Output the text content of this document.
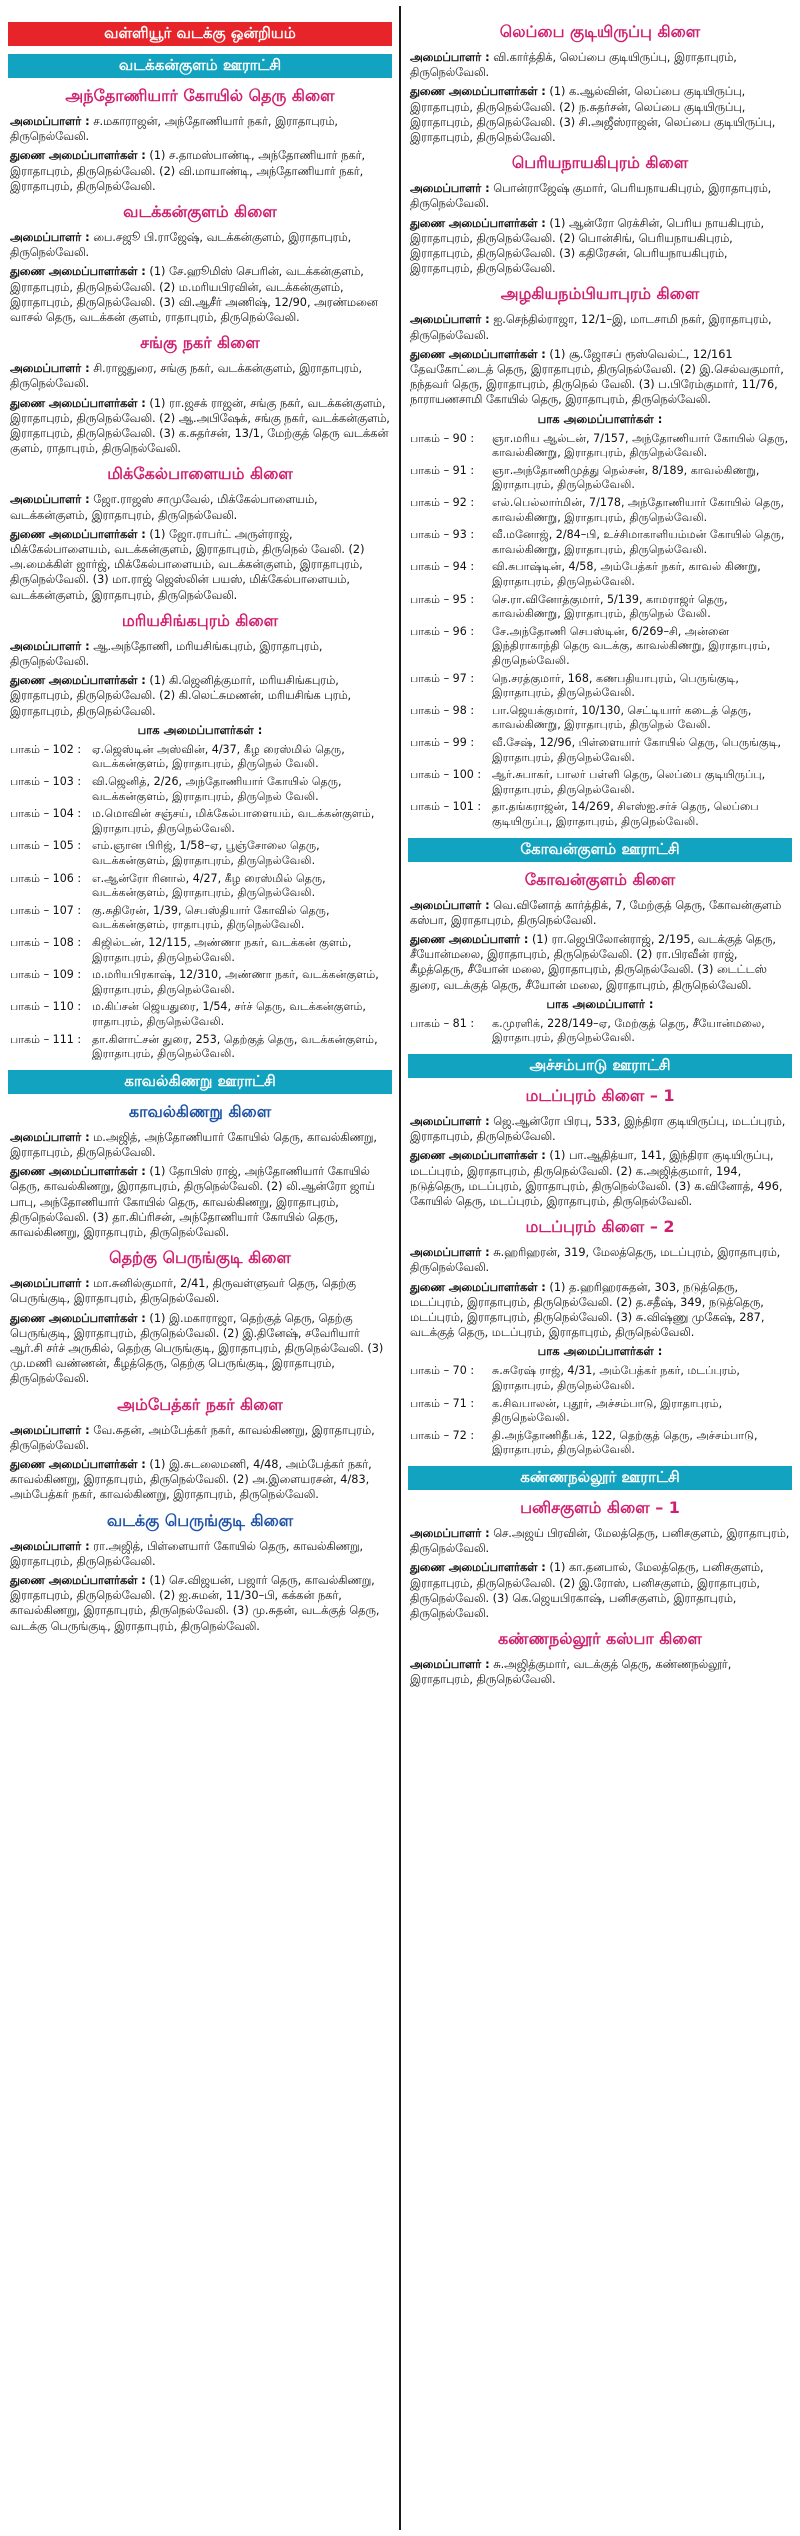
வள்ளியூர் வடக்கு ஒன்றியம்
வடக்கன்குளம் ஊராட்சி
அந்தோணியார் கோயில் தெரு கிளை

அமைப்பாளர் : ச.மகாராஜன், அந்தோணியார் நகர், இராதாபுரம், திருநெல்வேலி.

துணை அமைப்பாளர்கள் : (1) ச.தாமஸ்பாண்டி, அந்தோணியார் நகர், இராதாபுரம், திருநெல்வேலி. (2) வி.மாயாண்டி, அந்தோணியார் நகர், இராதாபுரம், திருநெல்வேலி.

வடக்கன்குளம் கிளை

அமைப்பாளர் : பை.சஜூ பி.ராஜேஷ், வடக்கன்குளம், இராதாபுரம், திருநெல்வேலி.

துணை அமைப்பாளர்கள் : (1) சே.ஹூமிஸ் செபரின், வடக்கன்குளம், இராதாபுரம், திருநெல்வேலி. (2) ம.மரியபிரவின், வடக்கன்குளம், இராதாபுரம், திருநெல்வேலி. (3) வி.ஆசீர் அணிஷ், 12/90, அரண்மனை வாசல் தெரு, வடக்கன் குளம், ராதாபுரம், திருநெல்வேலி.

சங்கு நகர் கிளை

அமைப்பாளர் : சி.ராஜதுரை, சங்கு நகர், வடக்கன்குளம், இராதாபுரம், திருநெல்வேலி.

துணை அமைப்பாளர்கள் : (1) ரா.ஜசக் ராஜன், சங்கு நகர், வடக்கன்குளம், இராதாபுரம், திருநெல்வேலி. (2) ஆ.அபிஷேக், சங்கு நகர், வடக்கன்குளம், இராதாபுரம், திருநெல்வேலி. (3) க.சுதர்சன், 13/1, மேற்குத் தெரு வடக்கன் குளம், ராதாபுரம், திருநெல்வேலி.

மிக்கேல்பாளையம் கிளை

அமைப்பாளர் : ஜோ.ராஜஸ் சாமுவேல், மிக்கேல்பாளையம், வடக்கன்குளம், இராதாபுரம், திருநெல்வேலி.

துணை அமைப்பாளர்கள் : (1) ஜோ.ராபர்ட் அருள்ராஜ், மிக்கேல்பாளையம், வடக்கன்குளம், இராதாபுரம், திருநெல் வேலி. (2) அ.மைக்கிள் ஜார்ஜ், மிக்கேல்பாளையம், வடக்கன்குளம், இராதாபுரம், திருநெல்வேலி. (3) மா.ராஜ் ஜெஸ்லின் பயஸ், மிக்கேல்பாளையம், வடக்கன்குளம், இராதாபுரம், திருநெல்வேலி.

மரியசிங்கபுரம் கிளை

அமைப்பாளர் : ஆ.அந்தோணி, மரியசிங்கபுரம், இராதாபுரம், திருநெல்வேலி.

துணை அமைப்பாளர்கள் : (1) கி.ஜெனித்குமார், மரியசிங்கபுரம், இராதாபுரம், திருநெல்வேலி. (2) கி.லெட்சுமணன், மரியசிங்க புரம், இராதாபுரம், திருநெல்வேலி.

பாக அமைப்பாளர்கள் :
பாகம் – 102 : ஏ.ஜெஸ்டின் அஸ்வின், 4/37, கீழ ரைஸ்மில் தெரு, வடக்கன்குளம், இராதாபுரம், திருநெல் வேலி.
பாகம் – 103 : வி.ஜெனித், 2/26, அந்தோணியார் கோயில் தெரு, வடக்கன்குளம், இராதாபுரம், திருநெல் வேலி.
பாகம் – 104 : ம.மொவின் சஞ்சய், மிக்கேல்பாளையம், வடக்கன்குளம், இராதாபுரம், திருநெல்வேலி.
பாகம் – 105 : எம்.ஞான பிரிஜ், 1/58–ஏ, பூஞ்சோலை தெரு, வடக்கன்குளம், இராதாபுரம், திருநெல்வேலி.
பாகம் – 106 : எ.ஆன்ரோ ரினால், 4/27, கீழ ரைஸ்மில் தெரு, வடக்கன்குளம், இராதாபுரம், திருநெல்வேலி.
பாகம் – 107 : கு.சுதிரேன், 1/39, செபஸ்தியார் கோவில் தெரு, வடக்கன்குளம், ராதாபுரம், திருநெல்வேலி.
பாகம் – 108 : கிஜில்டன், 12/115, அண்ணா நகர், வடக்கன் குளம், இராதாபுரம், திருநெல்வேலி.
பாகம் – 109 : ம.மரியபிரகாஷ், 12/310, அண்ணா நகர், வடக்கன்குளம், இராதாபுரம், திருநெல்வேலி.
பாகம் – 110 : ம.கிப்சன் ஜெயதுரை, 1/54, சர்ச் தெரு, வடக்கன்குளம், ராதாபுரம், திருநெல்வேலி.
பாகம் – 111 : தா.கிளாட்சன் துரை, 253, தெற்குத் தெரு, வடக்கன்குளம், இராதாபுரம், திருநெல்வேலி.
காவல்கிணறு ஊராட்சி
காவல்கிணறு கிளை

அமைப்பாளர் : ம.அஜித், அந்தோணியார் கோயில் தெரு, காவல்கிணறு, இராதாபுரம், திருநெல்வேலி.

துணை அமைப்பாளர்கள் : (1) தோபிஸ் ராஜ், அந்தோணியார் கோயில் தெரு, காவல்கிணறு, இராதாபுரம், திருநெல்வேலி. (2) லி.ஆன்ரோ ஜாய் பாபு, அந்தோணியார் கோயில் தெரு, காவல்கிணறு, இராதாபுரம், திருநெல்வேலி. (3) தா.கிப்ரிசன், அந்தோணியார் கோயில் தெரு, காவல்கிணறு, இராதாபுரம், திருநெல்வேலி.

தெற்கு பெருங்குடி கிளை

அமைப்பாளர் : மா.சுனில்குமார், 2/41, திருவள்ளுவர் தெரு, தெற்கு பெருங்குடி, இராதாபுரம், திருநெல்வேலி.

துணை அமைப்பாளர்கள் : (1) இ.மகாராஜா, தெற்குத் தெரு, தெற்கு பெருங்குடி, இராதாபுரம், திருநெல்வேலி. (2) இ.தினேஷ், சவேரியார் ஆர்.சி சர்ச் அருகில், தெற்கு பெருங்குடி, இராதாபுரம், திருநெல்வேலி. (3) மு.மணி வண்ணன், கீழத்தெரு, தெற்கு பெருங்குடி, இராதாபுரம், திருநெல்வேலி.

அம்பேத்கர் நகர் கிளை

அமைப்பாளர் : வே.சுதன், அம்பேத்கர் நகர், காவல்கிணறு, இராதாபுரம், திருநெல்வேலி.

துணை அமைப்பாளர்கள் : (1) இ.சுடலைமணி, 4/48, அம்பேத்கர் நகர், காவல்கிணறு, இராதாபுரம், திருநெல்வேலி. (2) அ.இளையரசன், 4/83, அம்பேத்கர் நகர், காவல்கிணறு, இராதாபுரம், திருநெல்வேலி.

வடக்கு பெருங்குடி கிளை

அமைப்பாளர் : ரா.அஜித், பிள்ளையார் கோயில் தெரு, காவல்கிணறு, இராதாபுரம், திருநெல்வேலி.

துணை அமைப்பாளர்கள் : (1) செ.விஜயன், பஜார் தெரு, காவல்கிணறு, இராதாபுரம், திருநெல்வேலி. (2) ஐ.சுமன், 11/30–பி, கக்கன் நகர், காவல்கிணறு, இராதாபுரம், திருநெல்வேலி. (3) மு.சுதன், வடக்குத் தெரு, வடக்கு பெருங்குடி, இராதாபுரம், திருநெல்வேலி.

லெப்பை குடியிருப்பு கிளை

அமைப்பாளர் : வி.கார்த்திக், லெப்பை குடியிருப்பு, இராதாபுரம், திருநெல்வேலி.

துணை அமைப்பாளர்கள் : (1) க.ஆல்வின், லெப்பை குடியிருப்பு, இராதாபுரம், திருநெல்வேலி. (2) ந.சுதர்சன், லெப்பை குடியிருப்பு, இராதாபுரம், திருநெல்வேலி. (3) சி.அஜீஸ்ராஜன், லெப்பை குடியிருப்பு, இராதாபுரம், திருநெல்வேலி.

பெரியநாயகிபுரம் கிளை

அமைப்பாளர் : பொன்ராஜேஷ் குமார், பெரியநாயகிபுரம், இராதாபுரம், திருநெல்வேலி.

துணை அமைப்பாளர்கள் : (1) ஆன்ரோ ரெக்சின், பெரிய நாயகிபுரம், இராதாபுரம், திருநெல்வேலி. (2) பொன்சிங், பெரியநாயகிபுரம், இராதாபுரம், திருநெல்வேலி. (3) கதிரேசன், பெரியநாயகிபுரம், இராதாபுரம், திருநெல்வேலி.

அழகியநம்பியாபுரம் கிளை

அமைப்பாளர் : ஐ.செந்தில்ராஜா, 12/1–இ, மாடசாமி நகர், இராதாபுரம், திருநெல்வேலி.

துணை அமைப்பாளர்கள் : (1) சூ.ஜோசப் ரூஸ்வெல்ட், 12/161 தேவகோட்டைத் தெரு, இராதாபுரம், திருநெல்வேலி. (2) இ.செல்வகுமார், நந்தவர் தெரு, இராதாபுரம், திருநெல் வேலி. (3) ப.பிரேம்குமார், 11/76, நாராயணசாமி கோயில் தெரு, இராதாபுரம், திருநெல்வேலி.

பாக அமைப்பாளர்கள் :
பாகம் – 90 :	ஞா.மரிய ஆல்டன், 7/157, அந்தோணியார் கோயில் தெரு, காவல்கிணறு, இராதாபுரம், திருநெல்வேலி.
பாகம் – 91 :	ஞா.அந்தோணிமுத்து நெல்சன், 8/189, காவல்கிணறு, இராதாபுரம், திருநெல்வேலி.
பாகம் – 92 :	எல்.பெல்லார்மின், 7/178, அந்தோணியார் கோயில் தெரு, காவல்கிணறு, இராதாபுரம், திருநெல்வேலி.
பாகம் – 93 :	வீ.மனோஜ், 2/84–பி, உச்சிமாகாளியம்மன் கோயில் தெரு, காவல்கிணறு, இராதாபுரம், திருநெல்வேலி.
பாகம் – 94 :	வி.சுபாஷ்டின், 4/58, அம்பேத்கர் நகர், காவல் கிணறு, இராதாபுரம், திருநெல்வேலி.
பாகம் – 95 :	செ.ரா.வினோத்குமார், 5/139, காமராஜர் தெரு, காவல்கிணறு, இராதாபுரம், திருநெல் வேலி.
பாகம் – 96 :	சே.அந்தோணி செபஸ்டின், 6/269–சி, அன்னை இந்திராகாந்தி தெரு வடக்கு, காவல்கிணறு, இராதாபுரம், திருநெல்வேலி.
பாகம் – 97 :	நெ.சரத்குமார், 168, கணபதியாபுரம், பெருங்குடி, இராதாபுரம், திருநெல்வேலி.
பாகம் – 98 :	பா.ஜெயக்குமார், 10/130, செட்டியார் கடைத் தெரு, காவல்கிணறு, இராதாபுரம், திருநெல் வேலி.
பாகம் – 99 :	வீ.சேஷ், 12/96, பிள்ளையார் கோயில் தெரு, பெருங்குடி, இராதாபுரம், திருநெல்வேலி.
பாகம் – 100 : ஆர்.சுபாகர், பாலர் பள்ளி தெரு, லெப்பை குடியிருப்பு, இராதாபுரம், திருநெல்வேலி.
பாகம் – 101 : தா.தங்கராஜன், 14/269, சிஎஸ்ஐ.சர்ச் தெரு, லெப்பை குடியிருப்பு, இராதாபுரம், திருநெல்வேலி.
கோவன்குளம் ஊராட்சி
கோவன்குளம் கிளை

அமைப்பாளர் : வெ.வினோத் கார்த்திக், 7, மேற்குத் தெரு, கோவன்குளம் கஸ்பா, இராதாபுரம், திருநெல்வேலி.

துணை அமைப்பாளர் : (1) ரா.ஜெபிலோன்ராஜ், 2/195, வடக்குத் தெரு, சீயோன்மலை, இராதாபுரம், திருநெல்வேலி. (2) ரா.பிரவீன் ராஜ், கீழத்தெரு, சீயோன் மலை, இராதாபுரம், திருநெல்வேலி. (3) டைட்டஸ் துரை, வடக்குத் தெரு, சீயோன் மலை, இராதாபுரம், திருநெல்வேலி.

பாக அமைப்பாளர் :
பாகம் – 81 :	க.முரளிக், 228/149–ஏ, மேற்குத் தெரு, சீயோன்மலை, இராதாபுரம், திருநெல்வேலி.
அச்சம்பாடு ஊராட்சி
மடப்புரம் கிளை – 1

அமைப்பாளர் : ஜெ.ஆன்ரோ பிரபு, 533, இந்திரா குடியிருப்பு, மடப்புரம், இராதாபுரம், திருநெல்வேலி.

துணை அமைப்பாளர்கள் : (1) பா.ஆதித்யா, 141, இந்திரா குடியிருப்பு, மடப்புரம், இராதாபுரம், திருநெல்வேலி. (2) க.அஜித்குமார், 194, நடுத்தெரு, மடப்புரம், இராதாபுரம், திருநெல்வேலி. (3) க.வினோத், 496, கோயில் தெரு, மடப்புரம், இராதாபுரம், திருநெல்வேலி.

மடப்புரம் கிளை – 2

அமைப்பாளர் : சு.ஹரிஹரன், 319, மேலத்தெரு, மடப்புரம், இராதாபுரம், திருநெல்வேலி.

துணை அமைப்பாளர்கள் : (1) த.ஹரிஹரசுதன், 303, நடுத்தெரு, மடப்புரம், இராதாபுரம், திருநெல்வேலி. (2) த.சதீஷ், 349, நடுத்தெரு, மடப்புரம், இராதாபுரம், திருநெல்வேலி. (3) சு.விஷ்ணு முகேஷ், 287, வடக்குத் தெரு, மடப்புரம், இராதாபுரம், திருநெல்வேலி.

பாக அமைப்பாளர்கள் :
பாகம் – 70 :	சு.சுரேஷ் ராஜ், 4/31, அம்பேத்கர் நகர், மடப்புரம், இராதாபுரம், திருநெல்வேலி.
பாகம் – 71 :	க.சிவபாலன், புதூர், அச்சம்பாடு, இராதாபுரம், திருநெல்வேலி.
பாகம் – 72 :	தி.அந்தோணிதீபக், 122, தெற்குத் தெரு, அச்சம்பாடு, இராதாபுரம், திருநெல்வேலி.
கண்ணநல்லூர் ஊராட்சி
பனிசகுளம் கிளை – 1

அமைப்பாளர் : செ.அஜய் பிரவின், மேலத்தெரு, பனிசகுளம், இராதாபுரம், திருநெல்வேலி.

துணை அமைப்பாளர்கள் : (1) கா.தனபால், மேலத்தெரு, பனிசகுளம், இராதாபுரம், திருநெல்வேலி. (2) இ.ரோஸ், பனிசகுளம், இராதாபுரம், திருநெல்வேலி. (3) கெ.ஜெயபிரகாஷ், பனிசகுளம், இராதாபுரம், திருநெல்வேலி.

கண்ணநல்லூர் கஸ்பா கிளை

அமைப்பாளர் : சு.அஜித்குமார், வடக்குத் தெரு, கண்ணநல்லூர், இராதாபுரம், திருநெல்வேலி.
